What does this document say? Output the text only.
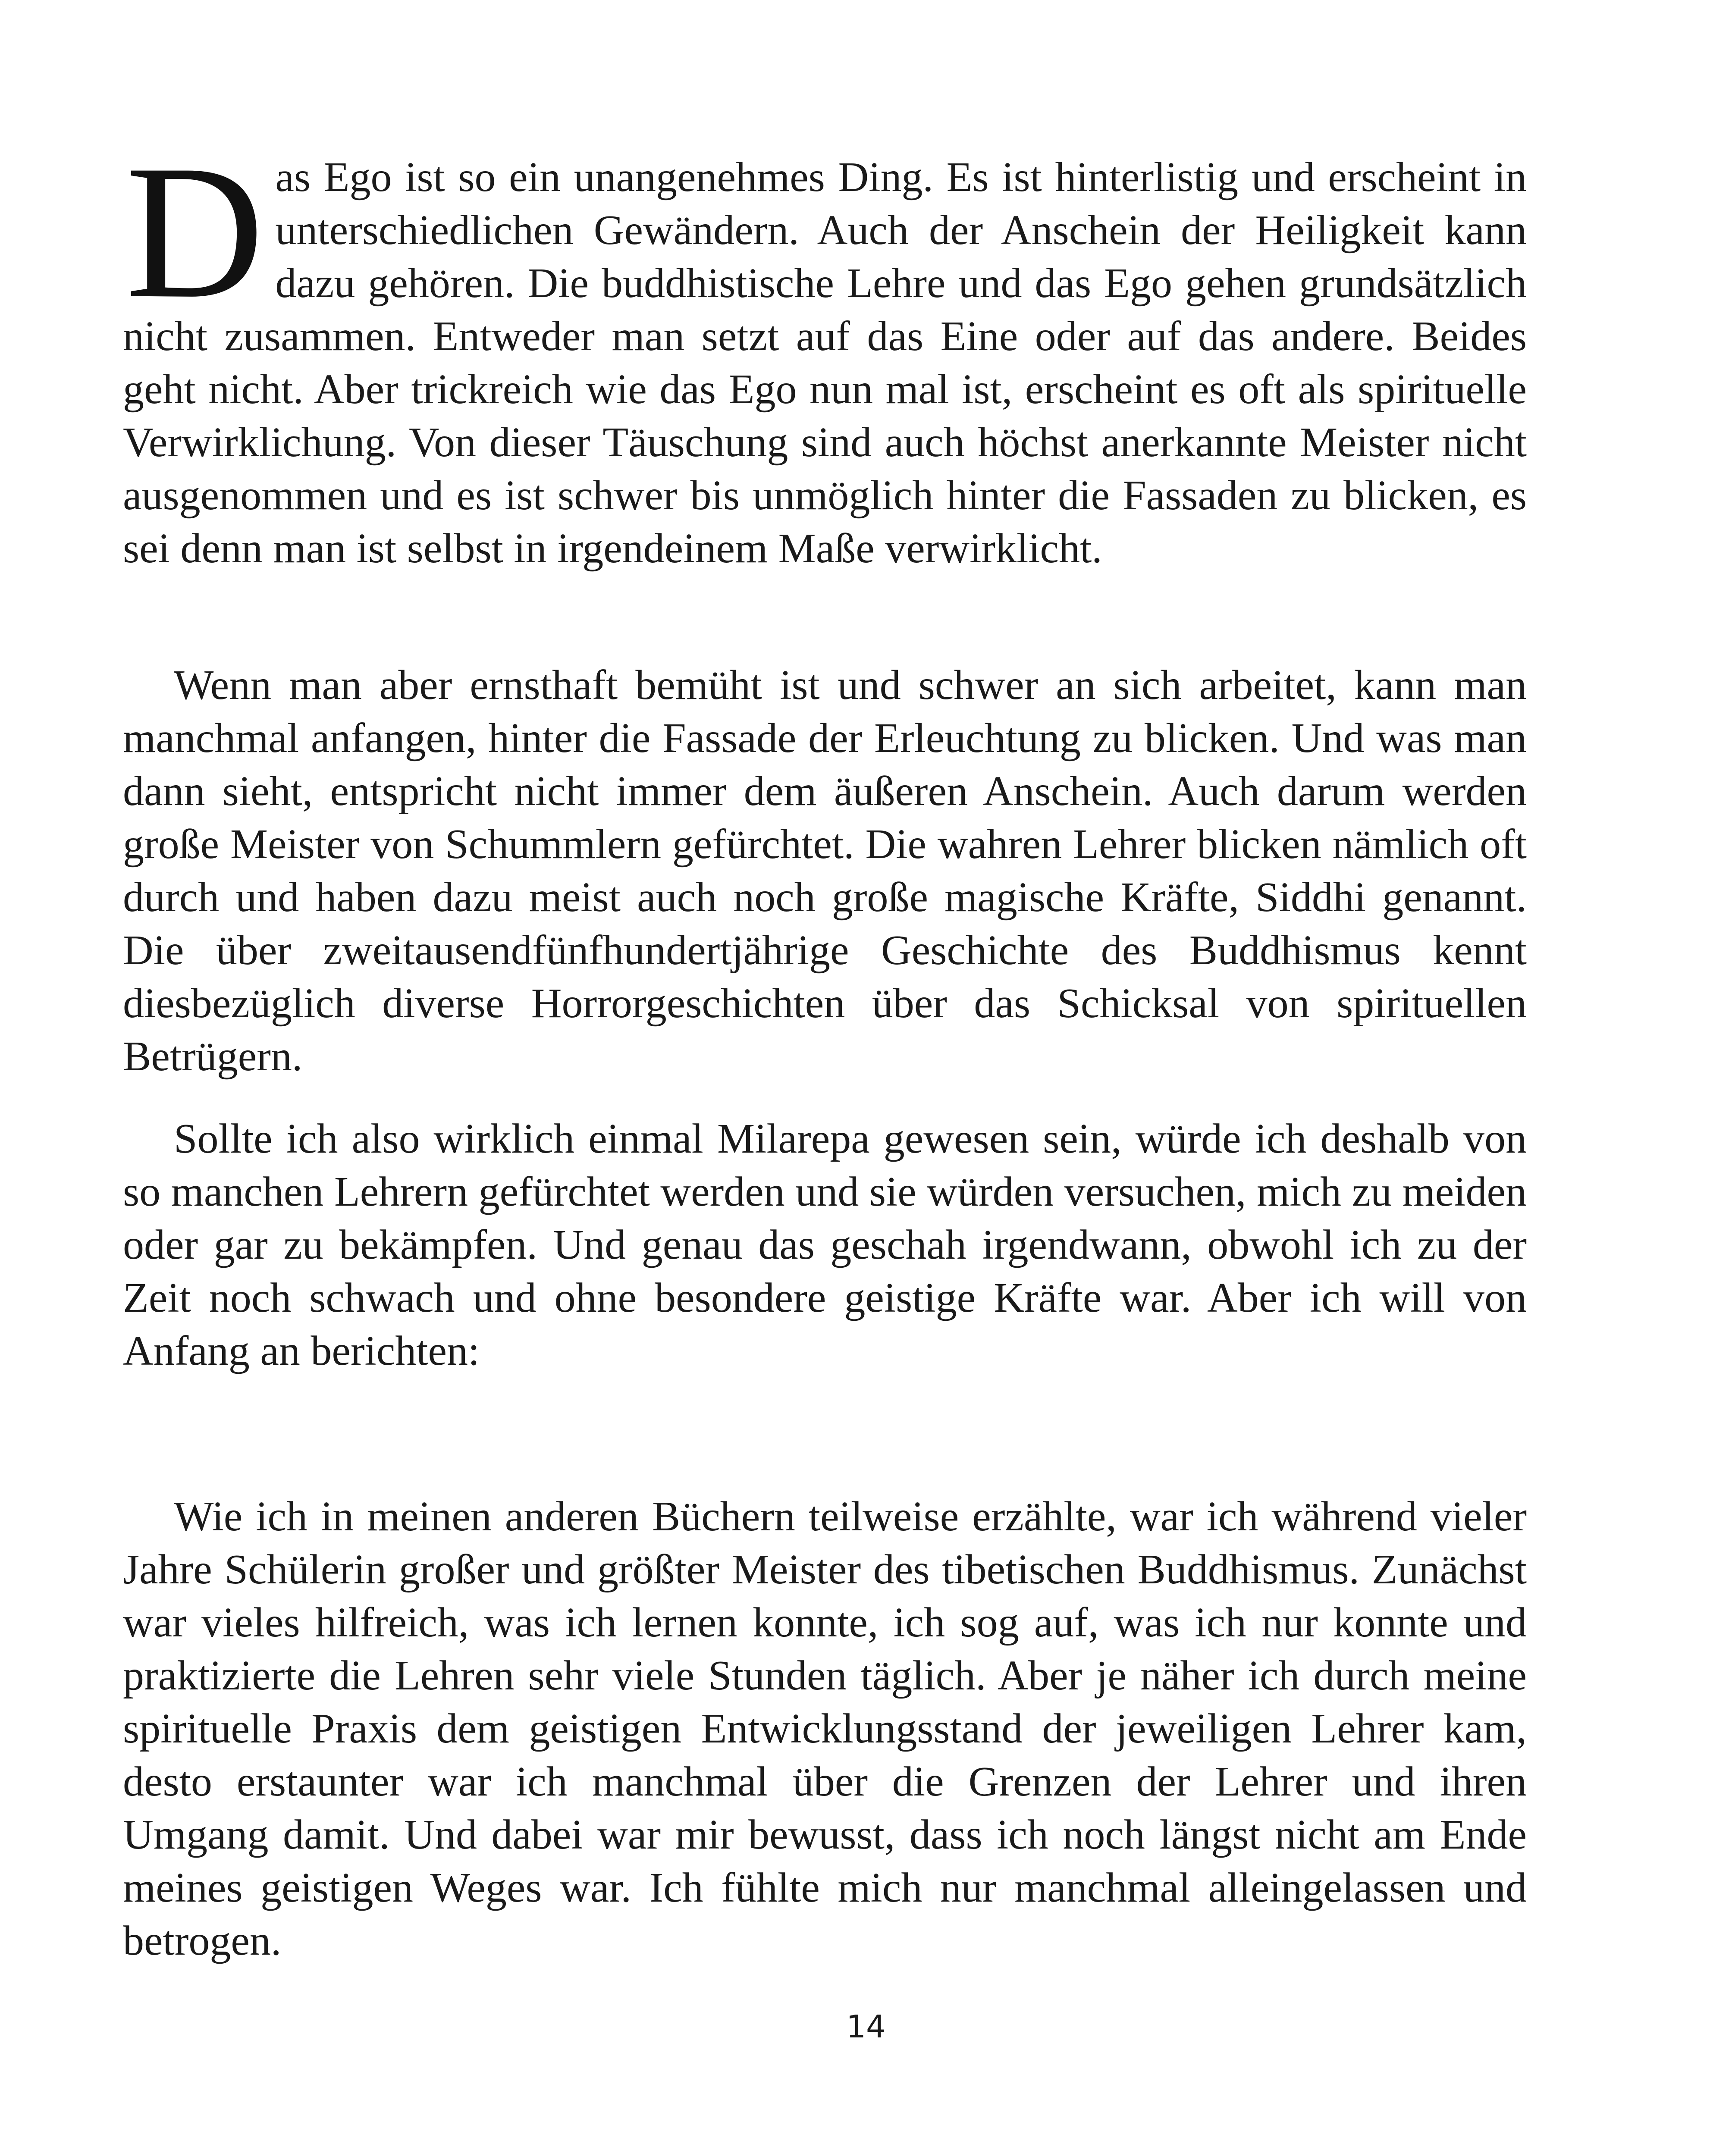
Das Ego ist so ein unangenehmes Ding. Es ist hinterlistig und erscheint in unterschiedlichen Gewändern. Auch der Anschein der Heiligkeit kann dazu gehören. Die buddhistische Lehre und das Ego gehen grundsätzlich nicht zusammen. Entweder man setzt auf das Eine oder auf das andere. Beides geht nicht. Aber trickreich wie das Ego nun mal ist, erscheint es oft als spirituelle Verwirklichung. Von dieser Täuschung sind auch höchst anerkannte Meister nicht ausgenommen und es ist schwer bis unmöglich hinter die Fassaden zu blicken, es sei denn man ist selbst in irgendeinem Maße verwirklicht.

Wenn man aber ernsthaft bemüht ist und schwer an sich arbeitet, kann man manchmal anfangen, hinter die Fassade der Erleuchtung zu blicken. Und was man dann sieht, entspricht nicht immer dem äußeren Anschein. Auch darum werden große Meister von Schummlern gefürchtet. Die wahren Lehrer blicken nämlich oft durch und haben dazu meist auch noch große magische Kräfte, Siddhi genannt. Die über zweitausendfünfhundertjährige Geschichte des Buddhismus kennt diesbezüglich diverse Horrorgeschichten über das Schicksal von spirituellen Betrügern.

Sollte ich also wirklich einmal Milarepa gewesen sein, würde ich deshalb von so manchen Lehrern gefürchtet werden und sie würden versuchen, mich zu meiden oder gar zu bekämpfen. Und genau das geschah irgendwann, obwohl ich zu der Zeit noch schwach und ohne besondere geistige Kräfte war. Aber ich will von Anfang an berichten:

Wie ich in meinen anderen Büchern teilweise erzählte, war ich während vieler Jahre Schülerin großer und größter Meister des tibetischen Buddhismus. Zunächst war vieles hilfreich, was ich lernen konnte, ich sog auf, was ich nur konnte und praktizierte die Lehren sehr viele Stunden täglich. Aber je näher ich durch meine spirituelle Praxis dem geistigen Entwicklungsstand der jeweiligen Lehrer kam, desto erstaunter war ich manchmal über die Grenzen der Lehrer und ihren Umgang damit. Und dabei war mir bewusst, dass ich noch längst nicht am Ende meines geistigen Weges war. Ich fühlte mich nur manchmal alleingelassen und betrogen.

14
